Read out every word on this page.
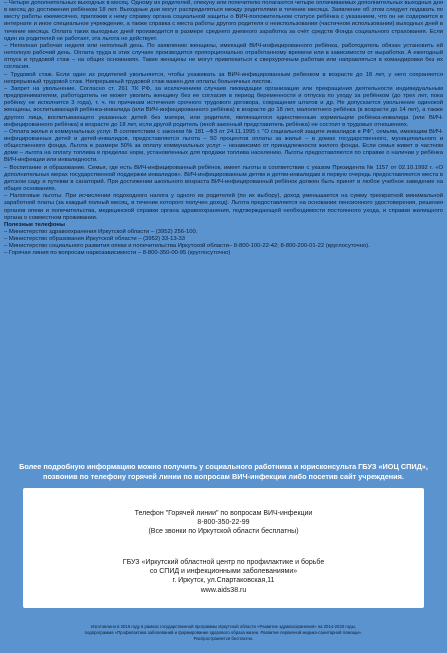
– Четыре дополнительных выходных в месяц. Одному из родителей, опекуну или попечителю полагаются четыре оплачиваемых дополнительных выходных дня в месяц до достижения ребёнком 18 лет. Выходные дни могут распределяться между родителями в течение месяца. Заявление об этом следует подавать по месту работы ежемесячно, приложив к нему справку органа социальной защиты о ВИЧ-положительном статусе ребёнка с указанием, что он не содержится в интернате и иное специальное учреждение, а также справка с места работы другого родителя о неиспользовании (частичном использовании) выходных дней в течение месяца. Оплата таких выходных дней производится в размере среднего дневного заработка за счёт средств Фонда социального страхования. Если один из родителей не работает, эта льгота не действует.

– Неполная рабочая неделя или неполный день. По заявлению женщины, имеющей ВИЧ-инфицированного ребёнка, работодатель обязан установить ей неполную рабочий день. Оплата труда в этих случаях производится пропорционально отработанному времени или в зависимости от выработки. А ежегодный отпуск и трудовой стаж – на общих основаниях. Такие женщины не могут привлекаться к сверхурочным работам или направляться в командировки без их согласия.

– Трудовой стаж. Если один из родителей увольняется, чтобы ухаживать за ВИЧ-инфицированным ребенком в возрасте до 18 лет, у него сохраняется непрерывный трудовой стаж. Непрерывный трудовой стаж важен для оплаты больничных листов.

– Запрет на увольнение. Согласно ст. 261 ТК РФ, за исключением случаев ликвидации организации или прекращения деятельности индивидуальным предпринимателем, работодатель не может уволить женщину без ее согласия в период беременности и отпуска по уходу за ребёнком (до трех лет, пока ребёнку не исполнится 3 года), т. ч. по причинам истечения срочного трудового договора, сокращения штатов и др. Не допускается увольнение одинокой женщины, воспитывающей ребёнка-инвалида (или ВИЧ-инфицированного ребёнка) в возрасте до 18 лет, малолетнего ребёнка (в возрасте до 14 лет), а также другого лица, воспитывающего указанных детей без матери, или родителя, являющегося единственным кормильцем ребёнка-инвалида (или ВИЧ-инфицированного ребёнка) в возрасте до 18 лет, если другой родитель (иной законный представитель ребёнка) не состоит в трудовых отношениях.

– Оплата жилья и коммунальных услуг. В соответствии с законом № 181 –ФЗ от 24.11.1995 г. "О социальной защите инвалидов в РФ", семьям, имеющим ВИЧ-инфицированных детей и детей-инвалидов, предоставляется льгота – 50 процентов оплаты за жильё – в домах государственного, муниципального и общественного фонда. Льгота в размере 50% за оплату коммунальных услуг – независимо от принадлежности жилого фонда. Если семья живет в частном доме – льгота на оплату топлива в пределах норм, установленных для продажи топлива населению. Льготы предоставляются по справке о наличии у ребёнка ВИЧ-инфекции или инвалидности.

– Воспитание и образование. Семья, где есть ВИЧ-инфицированный ребёнок, имеет льготы в соответствии с указом Президента № 1157 от 02.10.1992 г. «О дополнительных мерах государственной поддержки инвалидов». ВИЧ-инфицированным детям и детям-инвалидам в первую очередь предоставляются места в детском саду и путевки в санаторий. При достижении школьного возраста ВИЧ-инфицированный ребёнок должен быть принят в любое учебное заведение на общих основаниях.

– Налоговые льготы. При исчислении подоходного налога у одного из родителей (по их выбору), доход уменьшается на сумму трехкратной минимальной заработной платы (за каждый полный месяц, в течение которого получен доход). Льгота предоставляется на основании пенсионного удостоверения, решения органов опеки и попечительства, медицинской справки органа здравоохранения, подтверждающей необходимости постоянного ухода, и справки жилищного органа о совместном проживании.

Полезные телефоны

– Министерство здравоохранения Иркутской области – (3952) 256-100.

– Министерство образования Иркутской области – (3952) 33-13-33

– Министерство социального развития опеки и попечительства Иркутской области– 8-800-100-22-42; 8-800-200-01-22 (круглосуточно).

– Горячая линия по вопросам наркозависимости – 8-800-350-00-95 (круглосуточно)

Более подробную информацию можно получить у социального работника и юрисконсульта ГБУЗ «ИОЦ СПИД»,
позвонив по телефону горячей линии по вопросам ВИЧ-инфекции либо посетив сайт учреждения.
Телефон "Горячей линии" по вопросам ВИЧ-инфекции
8-800-350-22-99
(Все звонки по Иркутской области бесплатны)
ГБУЗ «Иркутский областной центр по профилактике и борьбе
со СПИД и инфекционными заболеваниями»
г. Иркутск, ул.Спартаковская,11
www.aids38.ru
Изготовлено в 2016 году в рамках государственной программы Иркутской области «Развитие здравоохранения» на 2014-2020 годы,
подпрограмма «Профилактика заболеваний и формирование здорового образа жизни. Развитие первичной медико-санитарной помощи».
Распространяется бесплатно.
